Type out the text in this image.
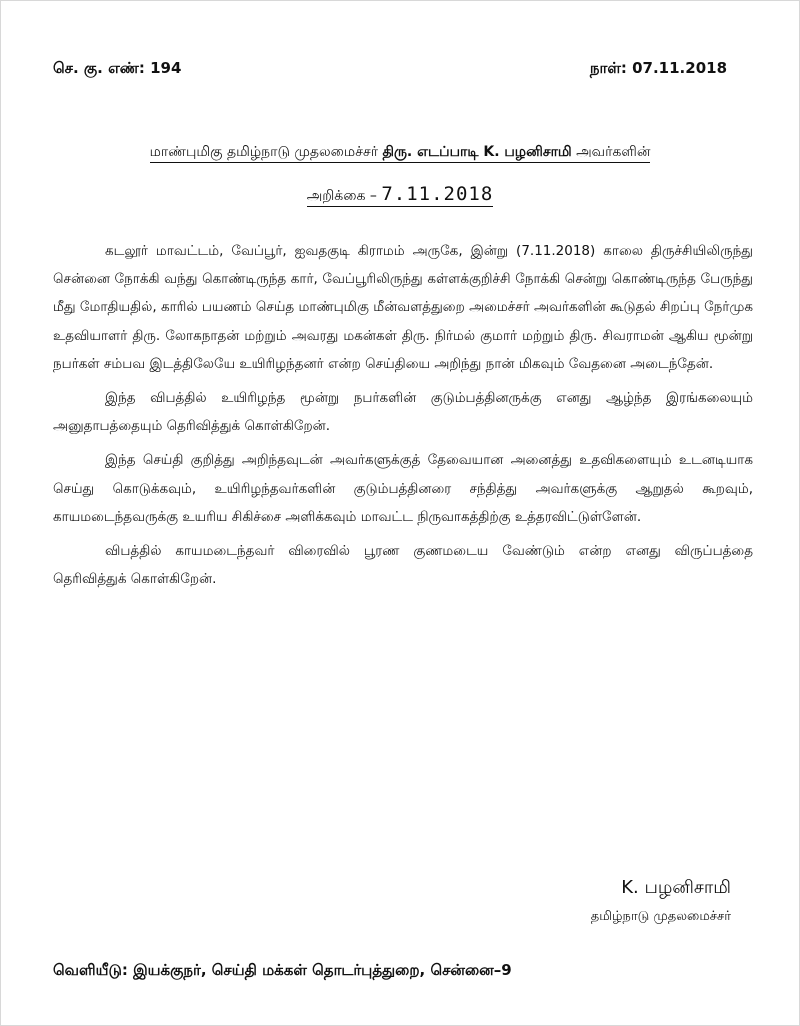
செ. கு. எண்: 194	நாள்: 07.11.2018
மாண்புமிகு தமிழ்நாடு முதலமைச்சர் திரு. எடப்பாடி K. பழனிசாமி அவர்களின்
அறிக்கை – 7.11.2018

கடலூர் மாவட்டம், வேப்பூர், ஐவதகுடி கிராமம் அருகே, இன்று (7.11.2018) காலை திருச்சியிலிருந்து சென்னை நோக்கி வந்து கொண்டிருந்த கார், வேப்பூரிலிருந்து கள்ளக்குறிச்சி நோக்கி சென்று கொண்டிருந்த பேருந்து மீது மோதியதில், காரில் பயணம் செய்த மாண்புமிகு மீன்வளத்துறை அமைச்சர் அவர்களின் கூடுதல் சிறப்பு நேர்முக உதவியாளர் திரு. லோகநாதன் மற்றும் அவரது மகன்கள் திரு. நிர்மல் குமார் மற்றும் திரு. சிவராமன் ஆகிய மூன்று நபர்கள் சம்பவ இடத்திலேயே உயிரிழந்தனர் என்ற செய்தியை அறிந்து நான் மிகவும் வேதனை அடைந்தேன்.

இந்த விபத்தில் உயிரிழந்த மூன்று நபர்களின் குடும்பத்தினருக்கு எனது ஆழ்ந்த இரங்கலையும் அனுதாபத்தையும் தெரிவித்துக் கொள்கிறேன்.

இந்த செய்தி குறித்து அறிந்தவுடன் அவர்களுக்குத் தேவையான அனைத்து உதவிகளையும் உடனடியாக செய்து கொடுக்கவும், உயிரிழந்தவர்களின் குடும்பத்தினரை சந்தித்து அவர்களுக்கு ஆறுதல் கூறவும், காயமடைந்தவருக்கு உயரிய சிகிச்சை அளிக்கவும் மாவட்ட நிருவாகத்திற்கு உத்தரவிட்டுள்ளேன்.

விபத்தில் காயமடைந்தவர் விரைவில் பூரண குணமடைய வேண்டும் என்ற எனது விருப்பத்தை தெரிவித்துக் கொள்கிறேன்.

K. பழனிசாமி
தமிழ்நாடு முதலமைச்சர்
வெளியீடு: இயக்குநர், செய்தி மக்கள் தொடர்புத்துறை, சென்னை–9
